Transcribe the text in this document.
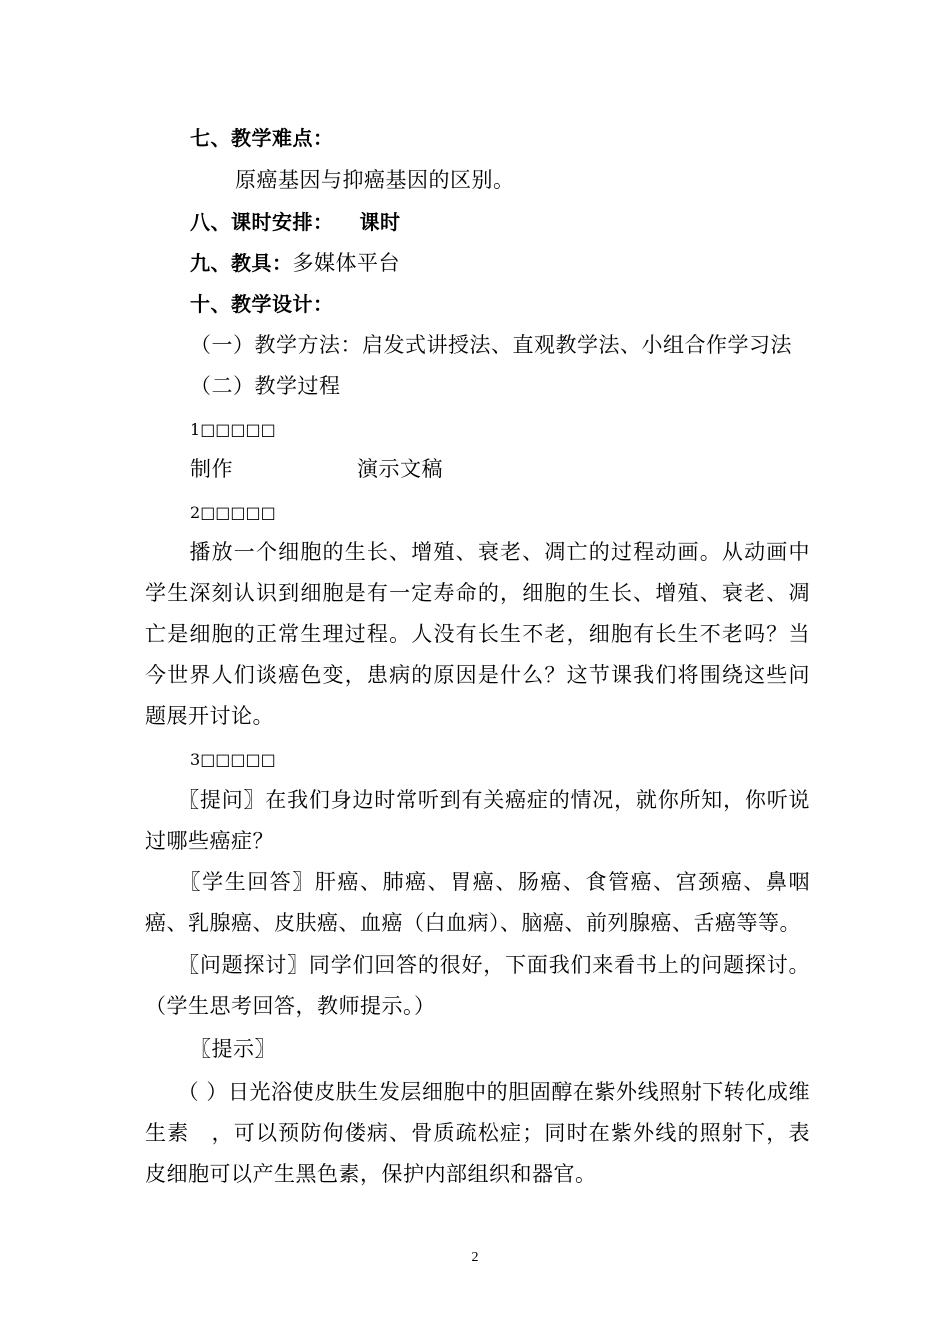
七、教学难点：
原癌基因与抑癌基因的区别。
八、课时安排： 课时
九、教具：多媒体平台
十、教学设计：
（一）教学方法：启发式讲授法、直观教学法、小组合作学习法
（二）教学过程
1□□□□□
制作	演示文稿
2□□□□□
　　播放一个细胞的生长、增殖、衰老、凋亡的过程动画。从动画中学生深刻认识到细胞是有一定寿命的，细胞的生长、增殖、衰老、凋亡是细胞的正常生理过程。人没有长生不老，细胞有长生不老吗？当今世界人们谈癌色变，患病的原因是什么？这节课我们将围绕这些问题展开讨论。
3□□□□□
　　〖提问〗在我们身边时常听到有关癌症的情况，就你所知，你听说过哪些癌症？
　　〖学生回答〗肝癌、肺癌、胃癌、肠癌、食管癌、宫颈癌、鼻咽癌、乳腺癌、皮肤癌、血癌（白血病）、脑癌、前列腺癌、舌癌等等。
　　〖问题探讨〗同学们回答的很好，下面我们来看书上的问题探讨。（学生思考回答，教师提示。）
〖提示〗
　　（ ）日光浴使皮肤生发层细胞中的胆固醇在紫外线照射下转化成维生素　，可以预防佝偻病、骨质疏松症；同时在紫外线的照射下，表皮细胞可以产生黑色素，保护内部组织和器官。
2
